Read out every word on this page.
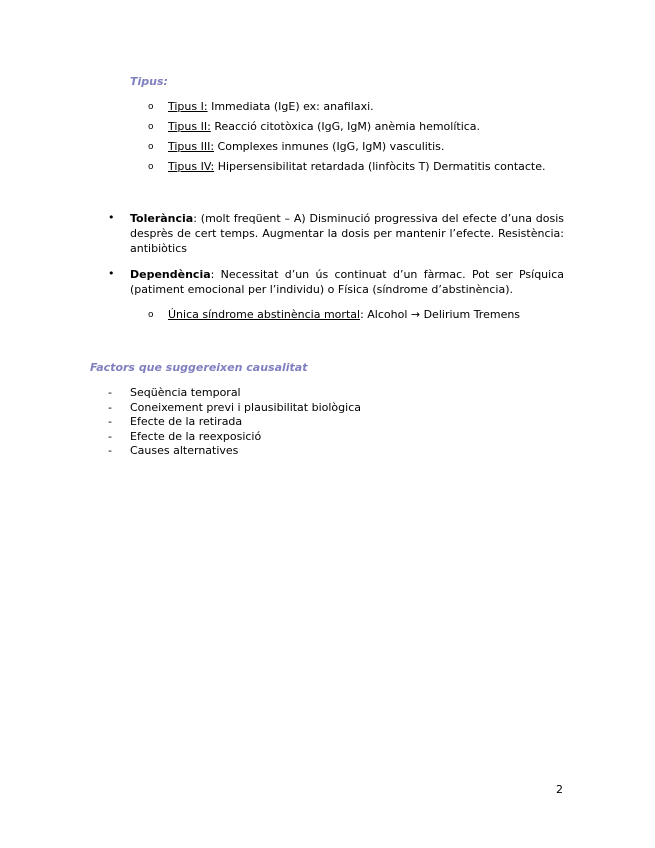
Tipus:
o Tipus I: Immediata (IgE) ex: anafilaxi.
o Tipus II: Reacció citotòxica (IgG, IgM) anèmia hemolítica.
o Tipus III: Complexes inmunes (IgG, IgM) vasculitis.
o Tipus IV: Hipersensibilitat retardada (linfòcits T) Dermatitis contacte.
• Tolerància: (molt freqüent – A) Disminució progressiva del efecte d’una dosis desprès de cert temps. Augmentar la dosis per mantenir l’efecte. Resistència: antibiòtics
• Dependència: Necessitat d’un ús continuat d’un fàrmac. Pot ser Psíquica (patiment emocional per l’individu) o Física (síndrome d’abstinència).
o Única síndrome abstinència mortal: Alcohol → Delirium Tremens
Factors que suggereixen causalitat
- Seqüència temporal
- Coneixement previ i plausibilitat biològica
- Efecte de la retirada
- Efecte de la reexposició
- Causes alternatives
2
